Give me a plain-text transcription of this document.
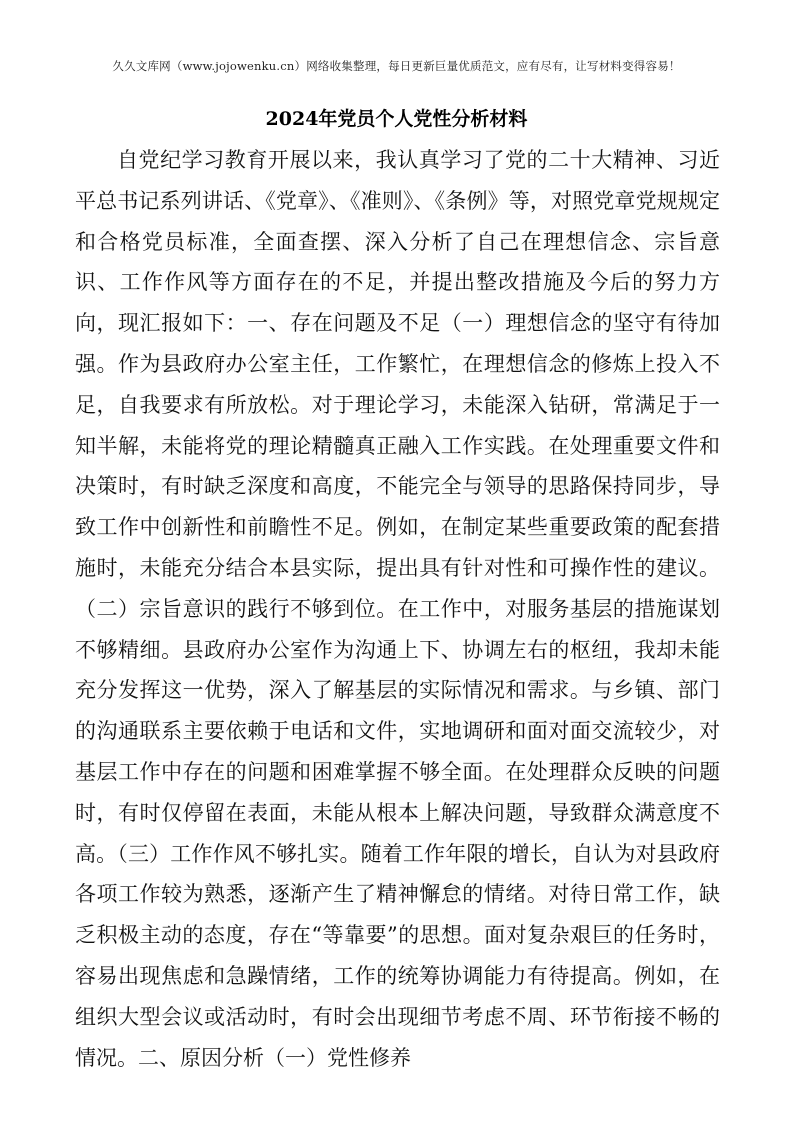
久久文库网（www.jojowenku.cn）网络收集整理，每日更新巨量优质范文，应有尽有，让写材料变得容易！
2024年党员个人党性分析材料

自党纪学习教育开展以来，我认真学习了党的二十大精神、习近平总书记系列讲话、《党章》、《准则》、《条例》等，对照党章党规规定和合格党员标准，全面查摆、深入分析了自己在理想信念、宗旨意识、工作作风等方面存在的不足，并提出整改措施及今后的努力方向，现汇报如下：一、存在问题及不足（一）理想信念的坚守有待加强。作为县政府办公室主任，工作繁忙，在理想信念的修炼上投入不足，自我要求有所放松。对于理论学习，未能深入钻研，常满足于一知半解，未能将党的理论精髓真正融入工作实践。在处理重要文件和决策时，有时缺乏深度和高度，不能完全与领导的思路保持同步，导致工作中创新性和前瞻性不足。例如，在制定某些重要政策的配套措施时，未能充分结合本县实际，提出具有针对性和可操作性的建议。（二）宗旨意识的践行不够到位。在工作中，对服务基层的措施谋划不够精细。县政府办公室作为沟通上下、协调左右的枢纽，我却未能充分发挥这一优势，深入了解基层的实际情况和需求。与乡镇、部门的沟通联系主要依赖于电话和文件，实地调研和面对面交流较少，对基层工作中存在的问题和困难掌握不够全面。在处理群众反映的问题时，有时仅停留在表面，未能从根本上解决问题，导致群众满意度不高。（三）工作作风不够扎实。随着工作年限的增长，自认为对县政府各项工作较为熟悉，逐渐产生了精神懈怠的情绪。对待日常工作，缺乏积极主动的态度，存在“等靠要”的思想。面对复杂艰巨的任务时，容易出现焦虑和急躁情绪，工作的统筹协调能力有待提高。例如，在组织大型会议或活动时，有时会出现细节考虑不周、环节衔接不畅的情况。二、原因分析（一）党性修养
